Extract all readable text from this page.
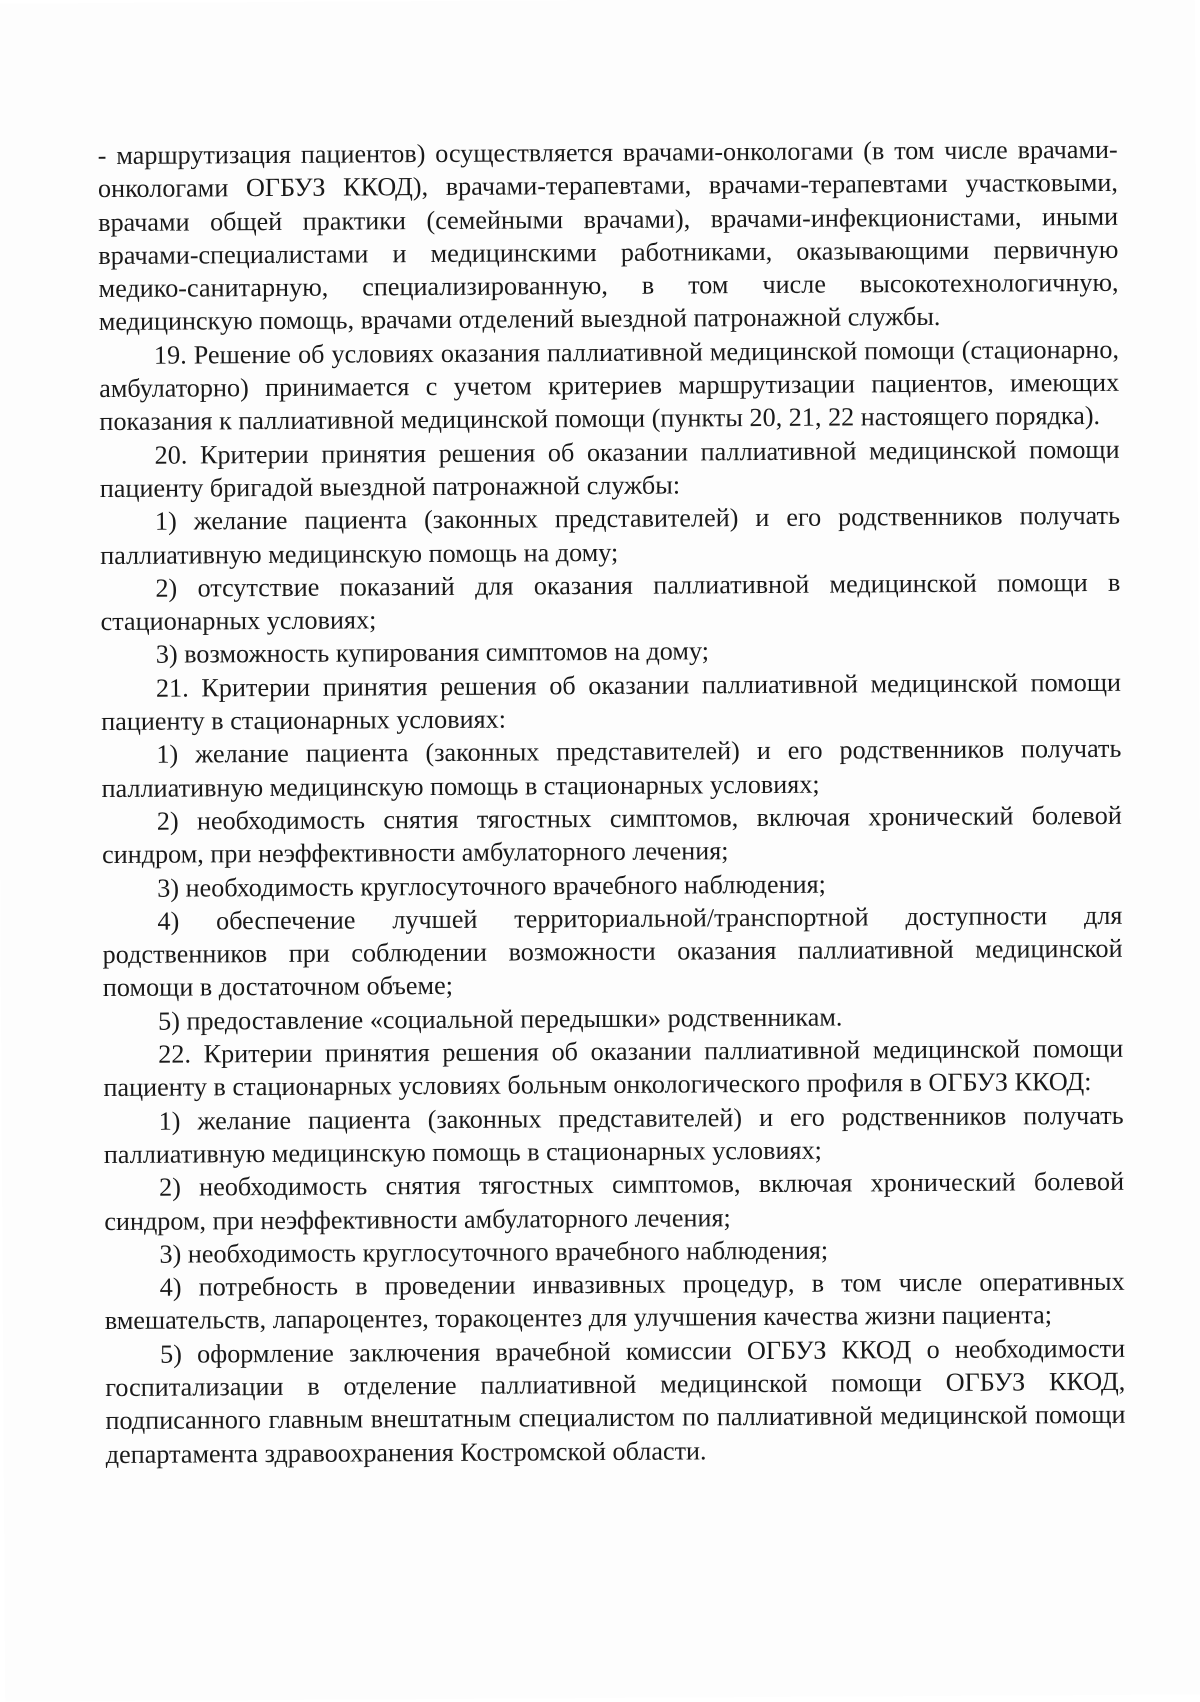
- маршрутизация пациентов) осуществляется врачами-онкологами (в том числе врачами-онкологами ОГБУЗ ККОД), врачами-терапевтами, врачами-терапевтами участковыми, врачами общей практики (семейными врачами), врачами-инфекционистами, иными врачами-специалистами и медицинскими работниками, оказывающими первичную медико-санитарную, специализированную, в том числе высокотехнологичную, медицинскую помощь, врачами отделений выездной патронажной службы.

19. Решение об условиях оказания паллиативной медицинской помощи (стационарно, амбулаторно) принимается с учетом критериев маршрутизации пациентов, имеющих показания к паллиативной медицинской помощи (пункты 20, 21, 22 настоящего порядка).

20. Критерии принятия решения об оказании паллиативной медицинской помощи пациенту бригадой выездной патронажной службы:

1) желание пациента (законных представителей) и его родственников получать паллиативную медицинскую помощь на дому;

2) отсутствие показаний для оказания паллиативной медицинской помощи в стационарных условиях;

3) возможность купирования симптомов на дому;

21. Критерии принятия решения об оказании паллиативной медицинской помощи пациенту в стационарных условиях:

1) желание пациента (законных представителей) и его родственников получать паллиативную медицинскую помощь в стационарных условиях;

2) необходимость снятия тягостных симптомов, включая хронический болевой синдром, при неэффективности амбулаторного лечения;

3) необходимость круглосуточного врачебного наблюдения;

4) обеспечение лучшей территориальной/транспортной доступности для родственников при соблюдении возможности оказания паллиативной медицинской помощи в достаточном объеме;

5) предоставление «социальной передышки» родственникам.

22. Критерии принятия решения об оказании паллиативной медицинской помощи пациенту в стационарных условиях больным онкологического профиля в ОГБУЗ ККОД:

1) желание пациента (законных представителей) и его родственников получать паллиативную медицинскую помощь в стационарных условиях;

2) необходимость снятия тягостных симптомов, включая хронический болевой синдром, при неэффективности амбулаторного лечения;

3) необходимость круглосуточного врачебного наблюдения;

4) потребность в проведении инвазивных процедур, в том числе оперативных вмешательств, лапароцентез, торакоцентез для улучшения качества жизни пациента;

5) оформление заключения врачебной комиссии ОГБУЗ ККОД о необходимости госпитализации в отделение паллиативной медицинской помощи ОГБУЗ ККОД, подписанного главным внештатным специалистом по паллиативной медицинской помощи департамента здравоохранения Костромской области.
